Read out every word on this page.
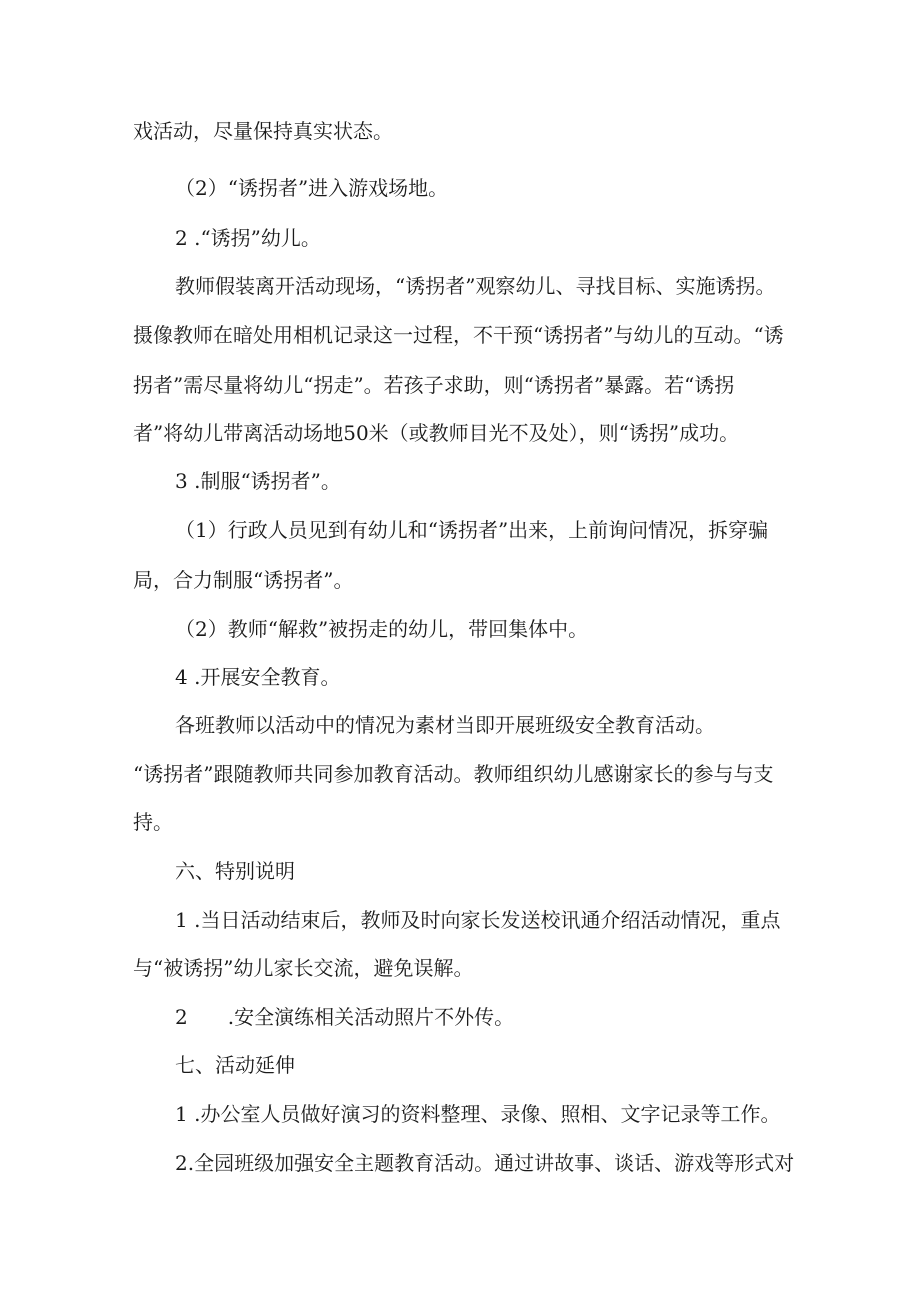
戏活动，尽量保持真实状态。
（2）“诱拐者”进入游戏场地。
2 .“诱拐”幼儿。
教师假装离开活动现场，“诱拐者”观察幼儿、寻找目标、实施诱拐。
摄像教师在暗处用相机记录这一过程，不干预“诱拐者”与幼儿的互动。“诱
拐者”需尽量将幼儿“拐走”。若孩子求助，则“诱拐者”暴露。若“诱拐
者”将幼儿带离活动场地50米（或教师目光不及处），则“诱拐”成功。
3 .制服“诱拐者”。
（1）行政人员见到有幼儿和“诱拐者”出来，上前询问情况，拆穿骗
局，合力制服“诱拐者”。
（2）教师“解救”被拐走的幼儿，带回集体中。
4 .开展安全教育。
各班教师以活动中的情况为素材当即开展班级安全教育活动。
“诱拐者”跟随教师共同参加教育活动。教师组织幼儿感谢家长的参与与支
持。
六、特别说明
1 .当日活动结束后，教师及时向家长发送校讯通介绍活动情况，重点
与“被诱拐”幼儿家长交流，避免误解。
2 .安全演练相关活动照片不外传。
七、活动延伸
1 .办公室人员做好演习的资料整理、录像、照相、文字记录等工作。
2.全园班级加强安全主题教育活动。通过讲故事、谈话、游戏等形式对
